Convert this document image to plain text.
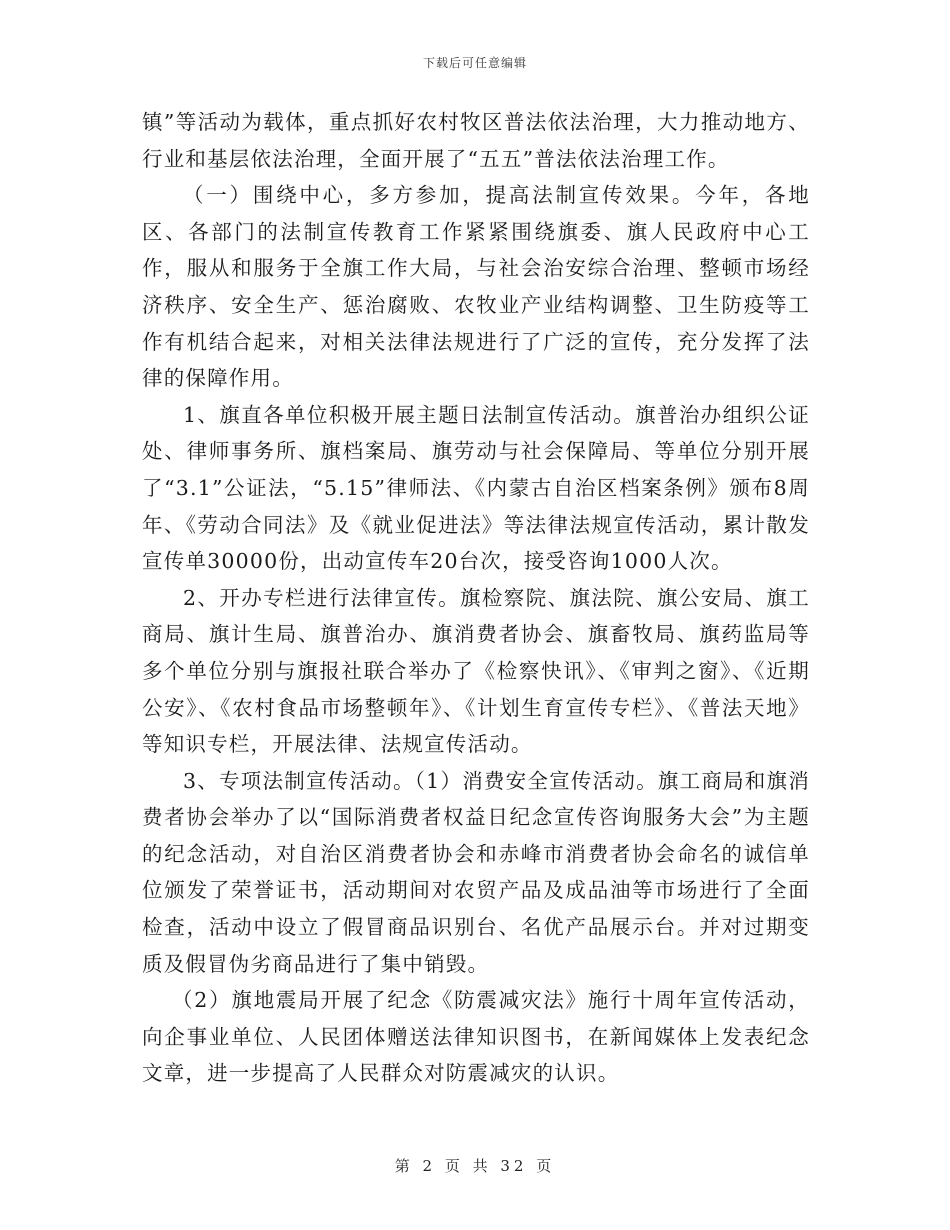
下载后可任意编辑

镇”等活动为载体，重点抓好农村牧区普法依法治理，大力推动地方、行业和基层依法治理，全面开展了“五五”普法依法治理工作。

（一）围绕中心，多方参加，提高法制宣传效果。今年，各地区、各部门的法制宣传教育工作紧紧围绕旗委、旗人民政府中心工作，服从和服务于全旗工作大局，与社会治安综合治理、整顿市场经济秩序、安全生产、惩治腐败、农牧业产业结构调整、卫生防疫等工作有机结合起来，对相关法律法规进行了广泛的宣传，充分发挥了法律的保障作用。

1、旗直各单位积极开展主题日法制宣传活动。旗普治办组织公证处、律师事务所、旗档案局、旗劳动与社会保障局、等单位分别开展了“3.1”公证法，“5.15”律师法、《内蒙古自治区档案条例》颁布8周年、《劳动合同法》及《就业促进法》等法律法规宣传活动，累计散发宣传单30000份，出动宣传车20台次，接受咨询1000人次。

2、开办专栏进行法律宣传。旗检察院、旗法院、旗公安局、旗工商局、旗计生局、旗普治办、旗消费者协会、旗畜牧局、旗药监局等多个单位分别与旗报社联合举办了《检察快讯》、《审判之窗》、《近期公安》、《农村食品市场整顿年》、《计划生育宣传专栏》、《普法天地》等知识专栏，开展法律、法规宣传活动。

3、专项法制宣传活动。（1）消费安全宣传活动。旗工商局和旗消费者协会举办了以“国际消费者权益日纪念宣传咨询服务大会”为主题的纪念活动，对自治区消费者协会和赤峰市消费者协会命名的诚信单位颁发了荣誉证书，活动期间对农贸产品及成品油等市场进行了全面检查，活动中设立了假冒商品识别台、名优产品展示台。并对过期变质及假冒伪劣商品进行了集中销毁。

（2）旗地震局开展了纪念《防震减灾法》施行十周年宣传活动，向企事业单位、人民团体赠送法律知识图书，在新闻媒体上发表纪念文章，进一步提高了人民群众对防震减灾的认识。

第 2 页 共 32 页
